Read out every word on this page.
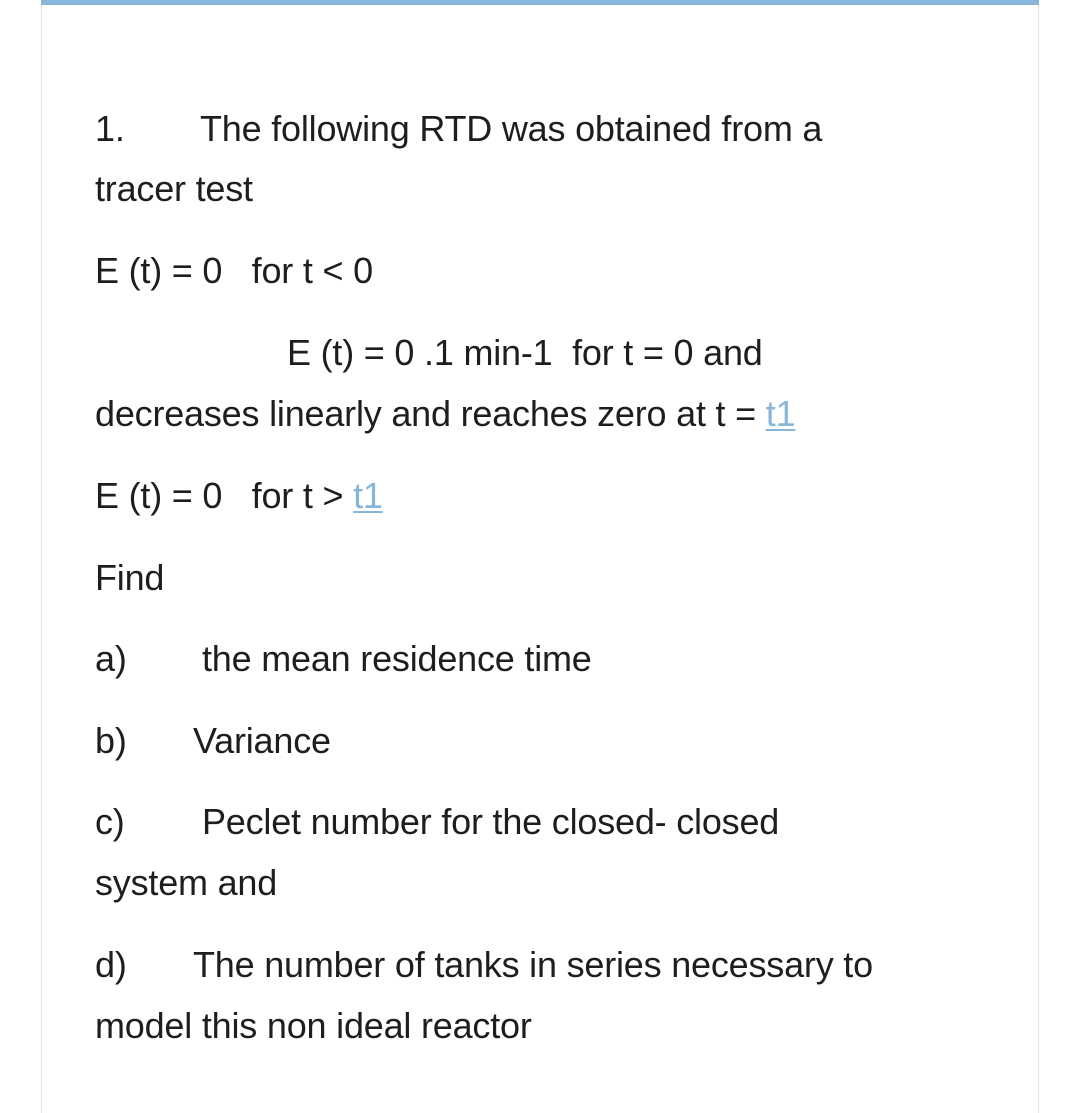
1. The following RTD was obtained from a
tracer test
E (t) = 0   for t < 0
E (t) = 0 .1 min-1  for t = 0 and
decreases linearly and reaches zero at t = t1
E (t) = 0   for t > t1
Find
a) the mean residence time
b) Variance
c) Peclet number for the closed- closed
system and
d) The number of tanks in series necessary to
model this non ideal reactor
